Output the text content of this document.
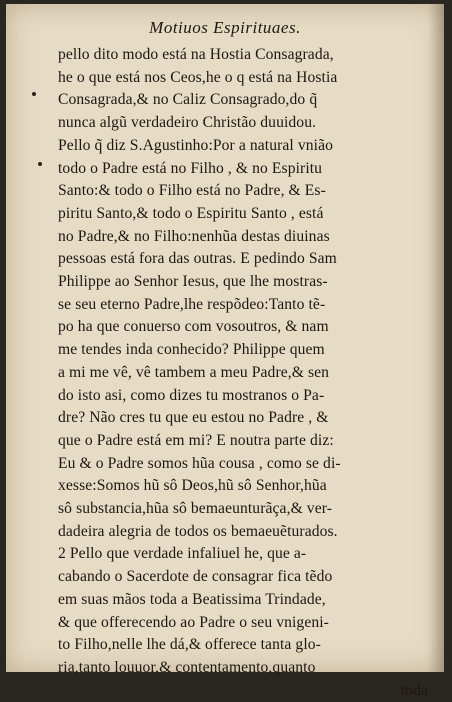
Motiuos Espirituaes.
pello dito modo está na Hostia Consagrada,
he o que está nos Ceos,he o q está na Hostia
Consagrada,& no Caliz Consagrado,do q̃
nunca algũ verdadeiro Christão duuidou.
Pello q̃ diz S.Agustinho:Por a natural vnião
todo o Padre está no Filho , & no Espiritu
Santo:& todo o Filho está no Padre, & Es-
piritu Santo,& todo o Espiritu Santo , está
no Padre,& no Filho:nenhũa destas diuinas
pessoas está fora das outras. E pedindo Sam
Philippe ao Senhor Iesus, que lhe mostras-
se seu eterno Padre,lhe respõdeo:Tanto tẽ-
po ha que conuerso com vosoutros, & nam
me tendes inda conhecido? Philippe quem
a mi me vê, vê tambem a meu Padre,& sen
do isto asi, como dizes tu mostranos o Pa-
dre? Não cres tu que eu estou no Padre , &
que o Padre está em mi? E noutra parte diz:
Eu & o Padre somos hũa cousa , como se di-
xesse:Somos hũ sô Deos,hũ sô Senhor,hũa
sô substancia,hũa sô bemaeunturãça,& ver-
dadeira alegria de todos os bemaeuẽturados.
2 Pello que verdade infaliuel he, que a-
cabando o Sacerdote de consagrar fica tẽdo
em suas mãos toda a Beatissima Trindade,
& que offerecendo ao Padre o seu vnigeni-
to Filho,nelle lhe dá,& offerece tanta glo-
ria,tanto louuor,& contentamento,quanto
toda
